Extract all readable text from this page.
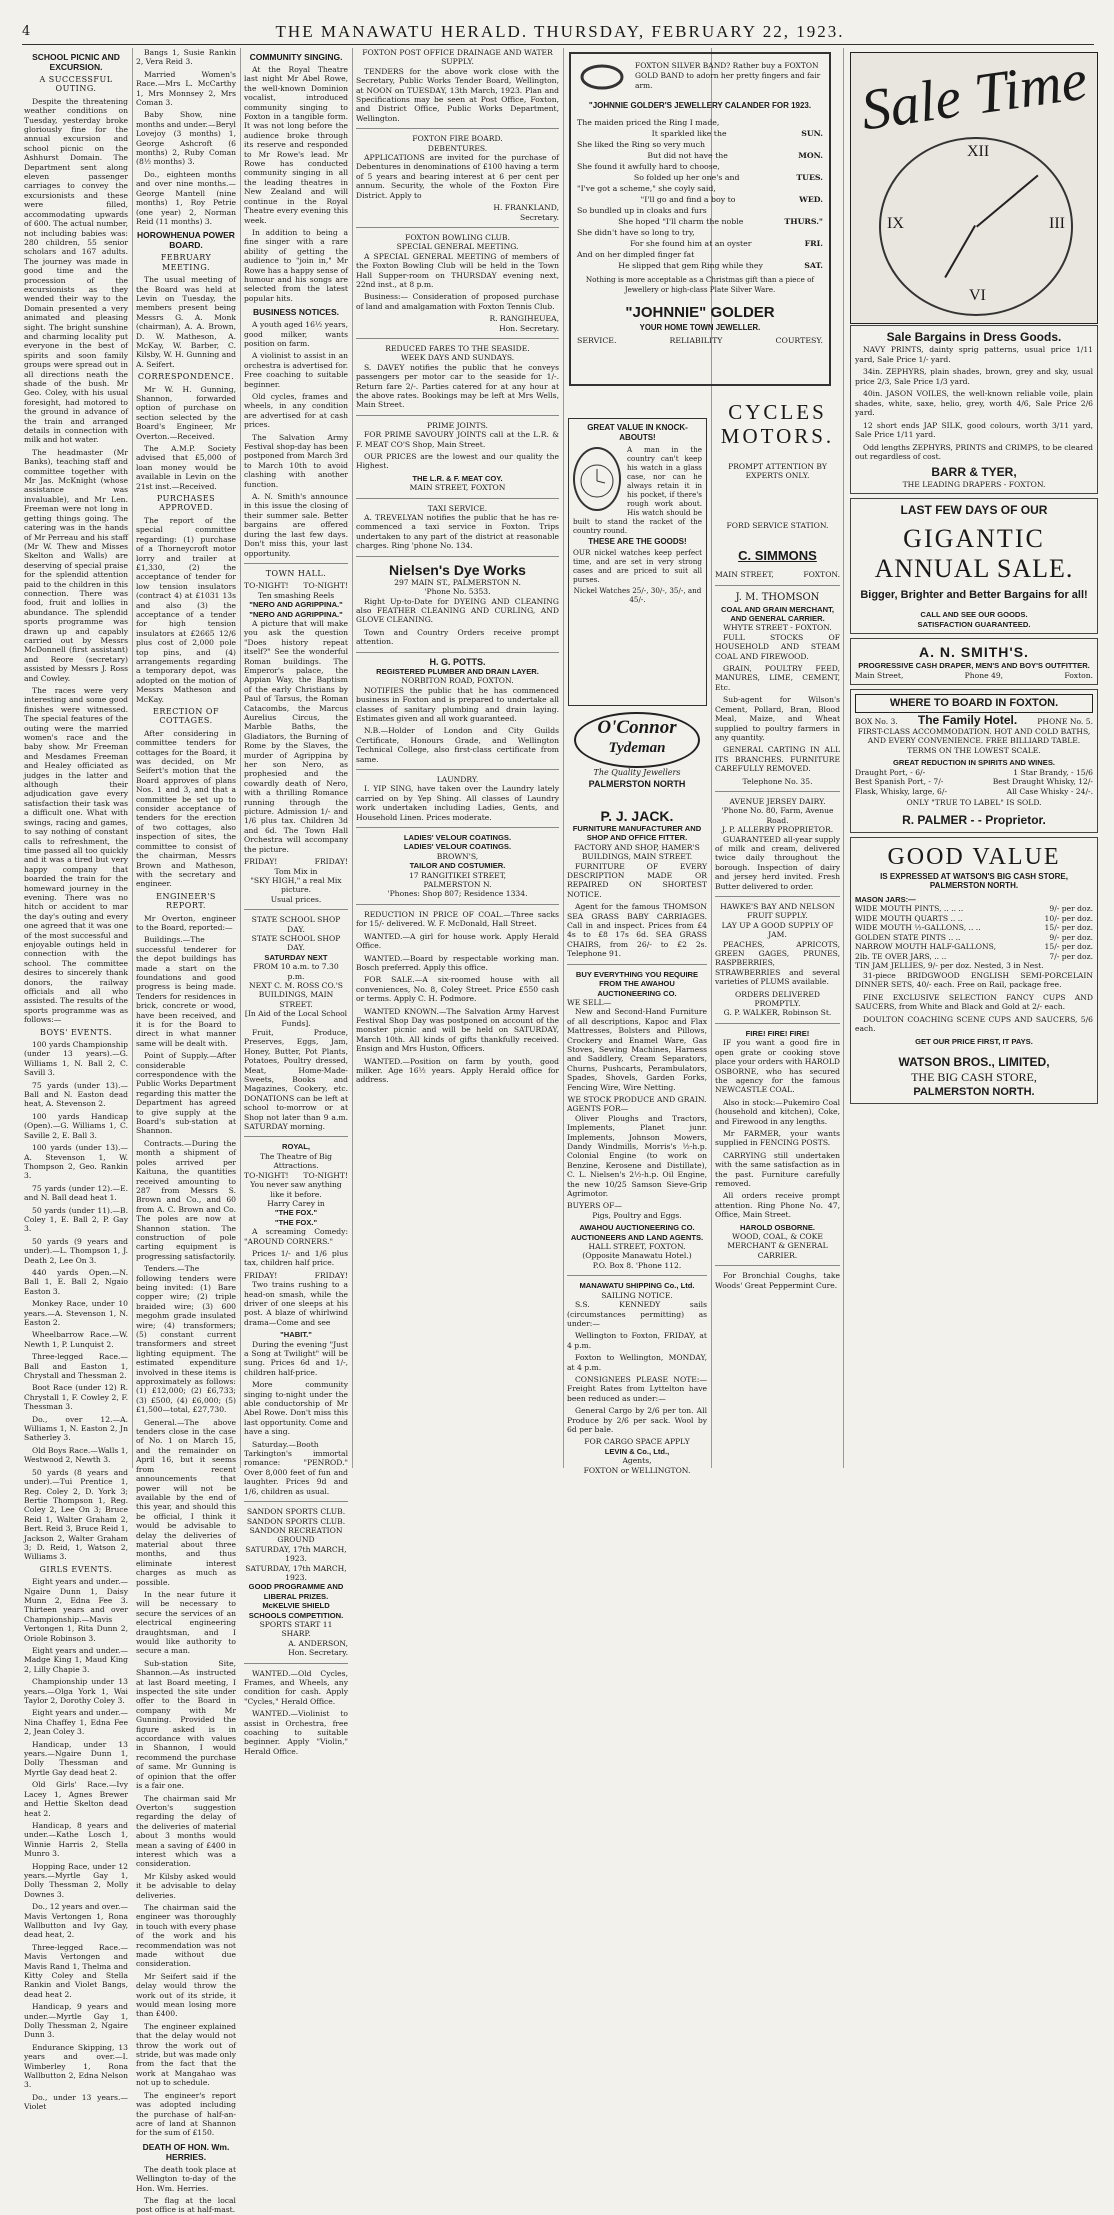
4	THE MANAWATU HERALD. THURSDAY, FEBRUARY 22, 1923.
SCHOOL PICNIC AND EXCURSION.
A SUCCESSFUL OUTING.

Despite the threatening weather conditions on Tuesday, yesterday broke gloriously fine for the annual excursion and school picnic on the Ashhurst Domain. The Department sent along eleven passenger carriages to convey the excursionists and these were filled, accommodating upwards of 600. The actual number, not including babies was: 280 children, 55 senior scholars and 167 adults. The journey was made in good time and the procession of the excursionists as they wended their way to the Domain presented a very animated and pleasing sight. The bright sunshine and charming locality put everyone in the best of spirits and soon family groups were spread out in all directions neath the shade of the bush. Mr Geo. Coley, with his usual foresight, had motored to the ground in advance of the train and arranged details in connection with milk and hot water.

The headmaster (Mr Banks), teaching staff and committee together with Mr Jas. McKnight (whose assistance was invaluable), and Mr Len. Freeman were not long in getting things going. The catering was in the hands of Mr Perreau and his staff (Mr W. Thew and Misses Skelton and Walls) are deserving of special praise for the splendid attention paid to the children in this connection. There was food, fruit and lollies in abundance. The splendid sports programme was drawn up and capably carried out by Messrs McDonnell (first assistant) and Reore (secretary) assisted by Messrs J. Ross and Cowley.

The races were very interesting and some good finishes were witnessed. The special features of the outing were the married women's race and the baby show. Mr Freeman and Mesdames Freeman and Healey officiated as judges in the latter and although their adjudication gave every satisfaction their task was a difficult one. What with swings, racing and games, to say nothing of constant calls to refreshment, the time passed all too quickly and it was a tired but very happy company that boarded the train for the homeward journey in the evening. There was no hitch or accident to mar the day's outing and every one agreed that it was one of the most successful and enjoyable outings held in connection with the school. The committee desires to sincerely thank donors, the railway officials and all who assisted. The results of the sports programme was as follows:—

BOYS' EVENTS.

100 yards Championship (under 13 years).—G. Williams 1, N. Ball 2, C. Savill 3.

75 yards (under 13).—Ball and N. Easton dead heat, A. Stevenson 2.

100 yards Handicap (Open).—G. Williams 1, C. Saville 2, E. Ball 3.

100 yards (under 13).—A. Stevenson 1, W. Thompson 2, Geo. Rankin 3.

75 yards (under 12).—E. and N. Ball dead heat 1.

50 yards (under 11).—B. Coley 1, E. Ball 2, P. Gay 3.

50 yards (9 years and under).—L. Thompson 1, J. Death 2, Lee On 3.

440 yards Open.—N. Ball 1, E. Ball 2, Ngaio Easton 3.

Monkey Race, under 10 years.—A. Stevenson 1, N. Easton 2.

Wheelbarrow Race.—W. Newth 1, P. Lunquist 2.

Three-legged Race.—Ball and Easton 1, Chrystall and Thessman 2.

Boot Race (under 12) R. Chrystall 1, F. Cowley 2, F. Thessman 3.

Do., over 12.—A. Williams 1, N. Easton 2, Jn Satherley 3.

Old Boys Race.—Walls 1, Westwood 2, Newth 3.

50 yards (8 years and under).—Tui Prentice 1, Reg. Coley 2, D. York 3; Bertie Thompson 1, Reg. Coley 2, Lee On 3; Bruce Reid 1, Walter Graham 2, Bert. Reid 3, Bruce Reid 1, Jackson 2, Walter Graham 3; D. Reid, 1, Watson 2, Williams 3.

GIRLS EVENTS.

Eight years and under.—Ngaire Dunn 1, Daisy Munn 2, Edna Fee 3. Thirteen years and over Championship.—Mavis Vertongen 1, Rita Dunn 2, Oriole Robinson 3.

Eight years and under.—Madge King 1, Maud King 2, Lilly Chapie 3.

Championship under 13 years.—Olga York 1, Wai Taylor 2, Dorothy Coley 3.

Eight years and under.—Nina Chaffey 1, Edna Fee 2, Jean Coley 3.

Handicap, under 13 years.—Ngaire Dunn 1, Dolly Thessman and Myrtle Gay dead heat 2.

Old Girls' Race.—Ivy Lacey 1, Agnes Brewer and Hettie Skelton dead heat 2.

Handicap, 8 years and under.—Kathe Losch 1, Winnie Harris 2, Stella Munro 3.

Hopping Race, under 12 years.—Myrtle Gay 1, Dolly Thessman 2, Molly Downes 3.

Do., 12 years and over.—Mavis Vertongen 1, Rona Wallbutton and Ivy Gay, dead heat, 2.

Three-legged Race.—Mavis Vertongen and Mavis Rand 1, Thelma and Kitty Coley and Stella Rankin and Violet Bangs, dead heat 2.

Handicap, 9 years and under.—Myrtle Gay 1, Dolly Thessman 2, Ngaire Dunn 3.

Endurance Skipping, 13 years and over.—I. Wimberley 1, Rona Wallbutton 2, Edna Nelson 3.

Do., under 13 years.—Violet

Bangs 1, Susie Rankin 2, Vera Reid 3.

Married Women's Race.—Mrs L. McCarthy 1, Mrs Monnsey 2, Mrs Coman 3.

Baby Show, nine months and under.—Beryl Lovejoy (3 months) 1, George Ashcroft (6 months) 2, Ruby Coman (8½ months) 3.

Do., eighteen months and over nine months.—George Mantell (nine months) 1, Roy Petrie (one year) 2, Norman Reid (11 months) 3.

HOROWHENUA POWER BOARD.
FEBRUARY MEETING.

The usual meeting of the Board was held at Levin on Tuesday, the members present being Messrs G. A. Monk (chairman), A. A. Brown, D. W. Matheson, A. McKay, W. Barber, C. Kilsby, W. H. Gunning and A. Seifert.

CORRESPONDENCE.

Mr W. H. Gunning, Shannon, forwarded option of purchase on section selected by the Board's Engineer, Mr Overton.—Received.

The A.M.P. Society advised that £5,000 of loan money would be available in Levin on the 21st inst.—Received.

PURCHASES APPROVED.

The report of the special committee regarding: (1) purchase of a Thorneycroft motor lorry and trailer at £1,330, (2) the acceptance of tender for low tension insulators (contract 4) at £1031 13s and also (3) the acceptance of a tender for high tension insulators at £2665 12/6 plus cost of 2,000 pole top pins, and (4) arrangements regarding a temporary depot, was adopted on the motion of Messrs Matheson and McKay.

ERECTION OF COTTAGES.

After considering in committee tenders for cottages for the Board, it was decided, on Mr Seifert's motion that the Board approves of plans Nos. 1 and 3, and that a committee be set up to consider acceptance of tenders for the erection of two cottages, also inspection of sites, the committee to consist of the chairman, Messrs Brown and Matheson, with the secretary and engineer.

ENGINEER'S REPORT.

Mr Overton, engineer to the Board, reported:—

Buildings.—The successful tenderer for the depot buildings has made a start on the foundations and good progress is being made. Tenders for residences in brick, concrete or wood, have been received, and it is for the Board to direct in what manner same will be dealt with.

Point of Supply.—After considerable correspondence with the Public Works Department regarding this matter the Department has agreed to give supply at the Board's sub-station at Shannon.

Contracts.—During the month a shipment of poles arrived per Kaituna, the quantities received amounting to 287 from Messrs S. Brown and Co., and 60 from A. C. Brown and Co. The poles are now at Shannon station. The construction of pole carting equipment is progressing satisfactorily.

Tenders.—The following tenders were being invited: (1) Bare copper wire; (2) triple braided wire; (3) 600 megohm grade insulated wire; (4) transformers; (5) constant current transformers and street lighting equipment. The estimated expenditure involved in these items is approximately as follows: (1) £12,000; (2) £6,733; (3) £500, (4) £6,000; (5) £1,500—total, £27,730.

General.—The above tenders close in the case of No. 1 on March 15, and the remainder on April 16, but it seems from recent announcements that power will not be available by the end of this year, and should this be official, I think it would be advisable to delay the deliveries of material about three months, and thus eliminate interest charges as much as possible.

In the near future it will be necessary to secure the services of an electrical engineering draughtsman, and I would like authority to secure a man.

Sub-station Site, Shannon.—As instructed at last Board meeting, I inspected the site under offer to the Board in company with Mr Gunning. Provided the figure asked is in accordance with values in Shannon, I would recommend the purchase of same. Mr Gunning is of opinion that the offer is a fair one.

The chairman said Mr Overton's suggestion regarding the delay of the deliveries of material about 3 months would mean a saving of £400 in interest which was a consideration.

Mr Kilsby asked would it be advisable to delay deliveries.

The chairman said the engineer was thoroughly in touch with every phase of the work and his recommendation was not made without due consideration.

Mr Seifert said if the delay would throw the work out of its stride, it would mean losing more than £400.

The engineer explained that the delay would not throw the work out of stride, but was made only from the fact that the work at Mangahao was not up to schedule.

The engineer's report was adopted including the purchase of half-an-acre of land at Shannon for the sum of £150.

DEATH OF HON. Wm. HERRIES.

The death took place at Wellington to-day of the Hon. Wm. Herries.

The flag at the local post office is at half-mast.

COMMUNITY SINGING.

At the Royal Theatre last night Mr Abel Rowe, the well-known Dominion vocalist, introduced community singing to Foxton in a tangible form. It was not long before the audience broke through its reserve and responded to Mr Rowe's lead. Mr Rowe has conducted community singing in all the leading theatres in New Zealand and will continue in the Royal Theatre every evening this week.

In addition to being a fine singer with a rare ability of getting the audience to "join in," Mr Rowe has a happy sense of humour and his songs are selected from the latest popular hits.

BUSINESS NOTICES.

A youth aged 16½ years, good milker, wants position on farm.

A violinist to assist in an orchestra is advertised for. Free coaching to suitable beginner.

Old cycles, frames and wheels, in any condition are advertised for at cash prices.

The Salvation Army Festival shop-day has been postponed from March 3rd to March 10th to avoid clashing with another function.

A. N. Smith's announce in this issue the closing of their summer sale. Better bargains are offered during the last few days. Don't miss this, your last opportunity.

TOWN HALL.
TO-NIGHT! TO-NIGHT!
Ten smashing Reels
"NERO AND AGRIPPINA."
"NERO AND AGRIPPINA."

A picture that will make you ask the question "Does history repeat itself?" See the wonderful Roman buildings. The Emperor's palace, the Appian Way, the Baptism of the early Christians by Paul of Tarsus, the Roman Catacombs, the Marcus Aurelius Circus, the Marble Baths, the Gladiators, the Burning of Rome by the Slaves, the murder of Agrippina by her son Nero, as prophesied and the cowardly death of Nero, with a thrilling Romance running through the picture. Admission 1/- and 1/6 plus tax. Children 3d and 6d. The Town Hall Orchestra will accompany the picture.

FRIDAY!	FRIDAY!
Tom Mix in
"SKY HIGH," a real Mix picture.
Usual prices.
STATE SCHOOL SHOP DAY.
STATE SCHOOL SHOP DAY.
SATURDAY NEXT
FROM 10 a.m. to 7.30 p.m.
NEXT C. M. ROSS CO.'S BUILDINGS, MAIN STREET.
[In Aid of the Local School Funds].

Fruit, Produce, Preserves, Eggs, Jam, Honey, Butter, Pot Plants, Potatoes, Poultry dressed, Meat, Home-Made-Sweets, Books and Magazines, Cookery, etc. DONATIONS can be left at school to-morrow or at Shop not later than 9 a.m. SATURDAY morning.

ROYAL,
The Theatre of Big Attractions.
TO-NIGHT! TO-NIGHT!
You never saw anything like it before.
Harry Carey in
"THE FOX."
"THE FOX."

A screaming Comedy: "AROUND CORNERS."

Prices 1/- and 1/6 plus tax, children half price.

FRIDAY!	FRIDAY!

Two trains rushing to a head-on smash, while the driver of one sleeps at his post. A blaze of whirlwind drama—Come and see

"HABIT."

During the evening "Just a Song at Twilight" will be sung. Prices 6d and 1/-, children half-price.

More community singing to-night under the able conductorship of Mr Abel Rowe. Don't miss this last opportunity. Come and have a sing.

Saturday.—Booth Tarkington's immortal romance: "PENROD." Over 8,000 feet of fun and laughter. Prices 9d and 1/6, children as usual.

SANDON SPORTS CLUB.
SANDON SPORTS CLUB.
SANDON RECREATION GROUND
SATURDAY, 17th MARCH, 1923.
SATURDAY, 17th MARCH, 1923.
GOOD PROGRAMME AND LIBERAL PRIZES.
McKELVIE SHIELD SCHOOLS COMPETITION.
SPORTS START 11 SHARP.
A. ANDERSON,
Hon. Secretary.

WANTED.—Old Cycles, Frames, and Wheels, any condition for cash. Apply "Cycles," Herald Office.

WANTED.—Violinist to assist in Orchestra, free coaching to suitable beginner. Apply "Violin," Herald Office.

FOXTON POST OFFICE DRAINAGE AND WATER SUPPLY.

TENDERS for the above work close with the Secretary, Public Works Tender Board, Wellington, at NOON on TUESDAY, 13th March, 1923. Plan and Specifications may be seen at Post Office, Foxton, and District Office, Public Works Department, Wellington.

FOXTON FIRE BOARD.
DEBENTURES.

APPLICATIONS are invited for the purchase of Debentures in denominations of £100 having a term of 5 years and bearing interest at 6 per cent per annum. Security, the whole of the Foxton Fire District. Apply to

H. FRANKLAND,
Secretary.
FOXTON BOWLING CLUB.
SPECIAL GENERAL MEETING.

A SPECIAL GENERAL MEETING of members of the Foxton Bowling Club will be held in the Town Hall Supper-room on THURSDAY evening next, 22nd inst., at 8 p.m.

Business:— Consideration of proposed purchase of land and amalgamation with Foxton Tennis Club.

R. RANGIHEUEA,
Hon. Secretary.
REDUCED FARES TO THE SEASIDE.
WEEK DAYS AND SUNDAYS.

S. DAVEY notifies the public that he conveys passengers per motor car to the seaside for 1/-. Return fare 2/-. Parties catered for at any hour at the above rates. Bookings may be left at Mrs Wells, Main Street.

PRIME JOINTS.

FOR PRIME SAVOURY JOINTS call at the L.R. & F. MEAT CO'S Shop, Main Street.

OUR PRICES are the lowest and our quality the Highest.

THE L.R. & F. MEAT COY.
MAIN STREET, FOXTON
TAXI SERVICE.

A. TREVELYAN notifies the public that he has re-commenced a taxi service in Foxton. Trips undertaken to any part of the district at reasonable charges. Ring 'phone No. 134.

Nielsen's Dye Works
297 MAIN ST., PALMERSTON N.
'Phone No. 5353.

Right Up-to-Date for DYEING AND CLEANING also FEATHER CLEANING AND CURLING, AND GLOVE CLEANING.

Town and Country Orders receive prompt attention.

H. G. POTTS.
REGISTERED PLUMBER AND DRAIN LAYER.
NORBITON ROAD, FOXTON.

NOTIFIES the public that he has commenced business in Foxton and is prepared to undertake all classes of sanitary plumbing and drain laying. Estimates given and all work guaranteed.

N.B.—Holder of London and City Guilds Certificate, Honours Grade, and Wellington Technical College, also first-class certificate from same.

LAUNDRY.

I. YIP SING, have taken over the Laundry lately carried on by Yep Shing. All classes of Laundry work undertaken including Ladies, Gents, and Household Linen. Prices moderate.

LADIES' VELOUR COATINGS.
LADIES' VELOUR COATINGS.
BROWN'S,
TAILOR AND COSTUMIER.
17 RANGITIKEI STREET,
PALMERSTON N.
'Phones: Shop 807; Residence 1334.

REDUCTION IN PRICE OF COAL.—Three sacks for 15/- delivered. W. F. McDonald, Hall Street.

WANTED.—A girl for house work. Apply Herald Office.

WANTED.—Board by respectable working man. Bosch preferred. Apply this office.

FOR SALE.—A six-roomed house with all conveniences, No. 8, Coley Street. Price £550 cash or terms. Apply C. H. Podmore.

WANTED KNOWN.—The Salvation Army Harvest Festival Shop Day was postponed on account of the monster picnic and will be held on SATURDAY, March 10th. All kinds of gifts thankfully received. Ensign and Mrs Huston, Officers.

WANTED.—Position on farm by youth, good milker. Age 16½ years. Apply Herald office for address.

FOXTON SILVER BAND? Rather buy a FOXTON GOLD BAND to adorn her pretty fingers and fair arm.
"JOHNNIE GOLDER'S JEWELLERY CALANDER FOR 1923.
The maiden priced the Ring I made,
It sparkled like the	SUN.
She liked the Ring so very much
But did not have the	MON.
She found it awfully hard to choose,
So folded up her one's and	TUES.
"I've got a scheme," she coyly said,
"I'll go and find a boy to	WED.
So bundled up in cloaks and furs
She hoped "I'll charm the noble	THURS."
She didn't have so long to try,
For she found him at an oyster	FRI.
And on her dimpled finger fat
He slipped that gem Ring while they	SAT.
Nothing is more acceptable as a Christmas gift than a piece of Jewellery or high-class Plate Silver Ware.
"JOHNNIE" GOLDER
YOUR HOME TOWN JEWELLER.
SERVICE.	RELIABILITY	COURTESY.
GREAT VALUE IN KNOCK-ABOUTS!

A man in the country can't keep his watch in a glass case, nor can he always retain it in his pocket, if there's rough work about. His watch should be built to stand the racket of the country round.

THESE ARE THE GOODS!

OUR nickel watches keep perfect time, and are set in very strong cases and are priced to suit all purses.

Nickel Watches 25/-, 30/-, 35/-, and 45/-.
O'Connor
Tydeman
The Quality Jewellers
PALMERSTON NORTH
P. J. JACK.
FURNITURE MANUFACTURER AND SHOP AND OFFICE FITTER.
FACTORY AND SHOP, HAMER'S BUILDINGS, MAIN STREET.

FURNITURE OF EVERY DESCRIPTION MADE OR REPAIRED ON SHORTEST NOTICE.

Agent for the famous THOMSON SEA GRASS BABY CARRIAGES. Call in and inspect. Prices from £4 4s to £8 17s 6d. SEA GRASS CHAIRS, from 26/- to £2 2s. Telephone 91.

BUY EVERYTHING YOU REQUIRE FROM THE AWAHOU AUCTIONEERING CO.
WE SELL—

New and Second-Hand Furniture of all descriptions, Kapoc and Flax Mattresses, Bolsters and Pillows, Crockery and Enamel Ware, Gas Stoves, Sewing Machines, Harness and Saddlery, Cream Separators, Churns, Pushcarts, Perambulators, Spades, Shovels, Garden Forks, Fencing Wire, Wire Netting.

WE STOCK PRODUCE AND GRAIN.
AGENTS FOR—

Oliver Ploughs and Tractors, Implements, Planet junr. Implements, Johnson Mowers, Dandy Windmills, Morris's ½-h.p. Colonial Engine (to work on Benzine, Kerosene and Distillate), C. L. Nielsen's 2½-h.p. Oil Engine, the new 10/25 Samson Sieve-Grip Agrimotor.

BUYERS OF—
Pigs, Poultry and Eggs.
AWAHOU AUCTIONEERING CO. AUCTIONEERS AND LAND AGENTS.
HALL STREET, FOXTON.
(Opposite Manawatu Hotel.)
P.O. Box 8. 'Phone 112.
MANAWATU SHIPPING Co., Ltd.
SAILING NOTICE.

S.S. KENNEDY sails (circumstances permitting) as under:—

Wellington to Foxton, FRIDAY, at 4 p.m.

Foxton to Wellington, MONDAY, at 4 p.m.

CONSIGNEES PLEASE NOTE:— Freight Rates from Lyttelton have been reduced as under:—

General Cargo by 2/6 per ton. All Produce by 2/6 per sack. Wool by 6d per bale.

FOR CARGO SPACE APPLY
LEVIN & Co., Ltd.,
Agents,
FOXTON or WELLINGTON.
CYCLES
MOTORS.
PROMPT ATTENTION BY EXPERTS ONLY.
FORD SERVICE STATION.
C. SIMMONS
MAIN STREET,	FOXTON.
J. M. THOMSON
COAL AND GRAIN MERCHANT, AND GENERAL CARRIER.
WHYTE STREET - FOXTON.

FULL STOCKS OF HOUSEHOLD AND STEAM COAL AND FIREWOOD.

GRAIN, POULTRY FEED, MANURES, LIME, CEMENT, Etc.

Sub-agent for Wilson's Cement, Pollard, Bran, Blood Meal, Maize, and Wheat supplied to poultry farmers in any quantity.

GENERAL CARTING IN ALL ITS BRANCHES. FURNITURE CAREFULLY REMOVED.

Telephone No. 35.
AVENUE JERSEY DAIRY.
'Phone No. 80, Farm, Avenue Road.
J. P. ALLERBY PROPRIETOR.

GUARANTEED all-year supply of milk and cream, delivered twice daily throughout the borough. Inspection of dairy and jersey herd invited. Fresh Butter delivered to order.

HAWKE'S BAY AND NELSON FRUIT SUPPLY.
LAY UP A GOOD SUPPLY OF JAM.

PEACHES, APRICOTS, GREEN GAGES, PRUNES, RASPBERRIES, STRAWBERRIES and several varieties of PLUMS available.

ORDERS DELIVERED PROMPTLY.
G. P. WALKER, Robinson St.
FIRE! FIRE! FIRE!

IF you want a good fire in open grate or cooking stove place your orders with HAROLD OSBORNE, who has secured the agency for the famous NEWCASTLE COAL.

Also in stock:—Pukemiro Coal (household and kitchen), Coke, and Firewood in any lengths.

Mr FARMER, your wants supplied in FENCING POSTS.

CARRYING still undertaken with the same satisfaction as in the past. Furniture carefully removed.

All orders receive prompt attention. Ring Phone No. 47, Office, Main Street.

HAROLD OSBORNE.
WOOD, COAL, & COKE MERCHANT & GENERAL CARRIER.

For Bronchial Coughs, take Woods' Great Peppermint Cure.

Sale Time
XII
III
VI
IX
Sale Bargains in Dress Goods.

NAVY PRINTS, dainty sprig patterns, usual price 1/11 yard, Sale Price 1/- yard.

34in. ZEPHYRS, plain shades, brown, grey and sky, usual price 2/3, Sale Price 1/3 yard.

40in. JASON VOILES, the well-known reliable voile, plain shades, white, saxe, helio, grey, worth 4/6, Sale Price 2/6 yard.

12 short ends JAP SILK, good colours, worth 3/11 yard, Sale Price 1/11 yard.

Odd lengths ZEPHYRS, PRINTS and CRIMPS, to be cleared out regardless of cost.

BARR & TYER,
THE LEADING DRAPERS - FOXTON.
LAST FEW DAYS OF OUR
GIGANTIC
ANNUAL SALE.
Bigger, Brighter and Better Bargains for all!
CALL AND SEE OUR GOODS.
SATISFACTION GUARANTEED.
A. N. SMITH'S.
PROGRESSIVE CASH DRAPER, MEN'S AND BOY'S OUTFITTER.
Main Street,	Phone 49,	Foxton.
WHERE TO BOARD IN FOXTON.
BOX No. 3. The Family Hotel.	PHONE No. 5.

FIRST-CLASS ACCOMMODATION. HOT AND COLD BATHS, AND EVERY CONVENIENCE. FREE BILLIARD TABLE. TERMS ON THE LOWEST SCALE.

GREAT REDUCTION IN SPIRITS AND WINES.
Draught Port, - 6/-	1 Star Brandy, - 15/6
Best Spanish Port, - 7/-	Best Draught Whisky, 12/-
Flask, Whisky, large, 6/-	All Case Whisky - 24/-.
ONLY "TRUE TO LABEL" IS SOLD.
R. PALMER - - Proprietor.
GOOD VALUE
IS EXPRESSED AT WATSON'S BIG CASH STORE, PALMERSTON NORTH.
MASON JARS:—
WIDE MOUTH PINTS, .. .. ..	9/- per doz.
WIDE MOUTH QUARTS .. ..	10/- per doz.
WIDE MOUTH ½-GALLONS, .. ..	15/- per doz.
GOLDEN STATE PINTS .. ..	9/- per doz.
NARROW MOUTH HALF-GALLONS,	15/- per doz.
2lb. TE OVER JARS, .. ..	7/- per doz.
TIN JAM JELLIES, 9/- per doz. Nested, 3 in Nest.

31-piece BRIDGWOOD ENGLISH SEMI-PORCELAIN DINNER SETS, 40/- each. Free on Rail, package free.

FINE EXCLUSIVE SELECTION FANCY CUPS AND SAUCERS, from White and Black and Gold at 2/- each.

DOULTON COACHING SCENE CUPS AND SAUCERS, 5/6 each.

GET OUR PRICE FIRST, IT PAYS.
WATSON BROS., LIMITED,
THE BIG CASH STORE,
PALMERSTON NORTH.
